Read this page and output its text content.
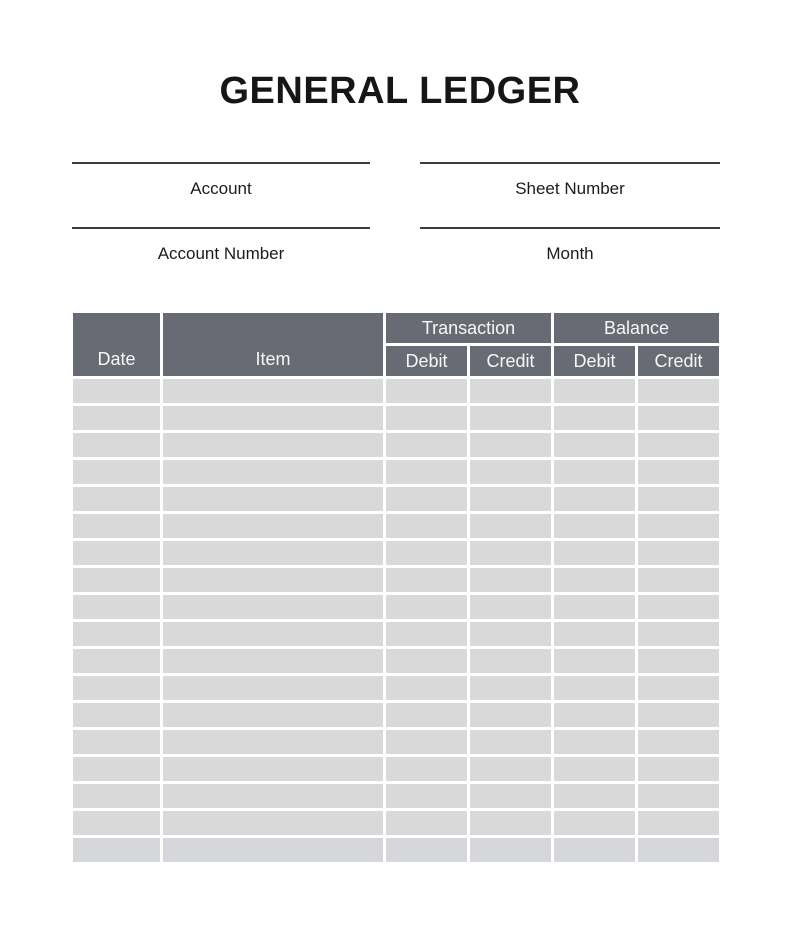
GENERAL LEDGER
Account	Sheet Number
Account Number	Month
Date	Item	Transaction		Balance	
		Debit	Credit	Debit	Credit
